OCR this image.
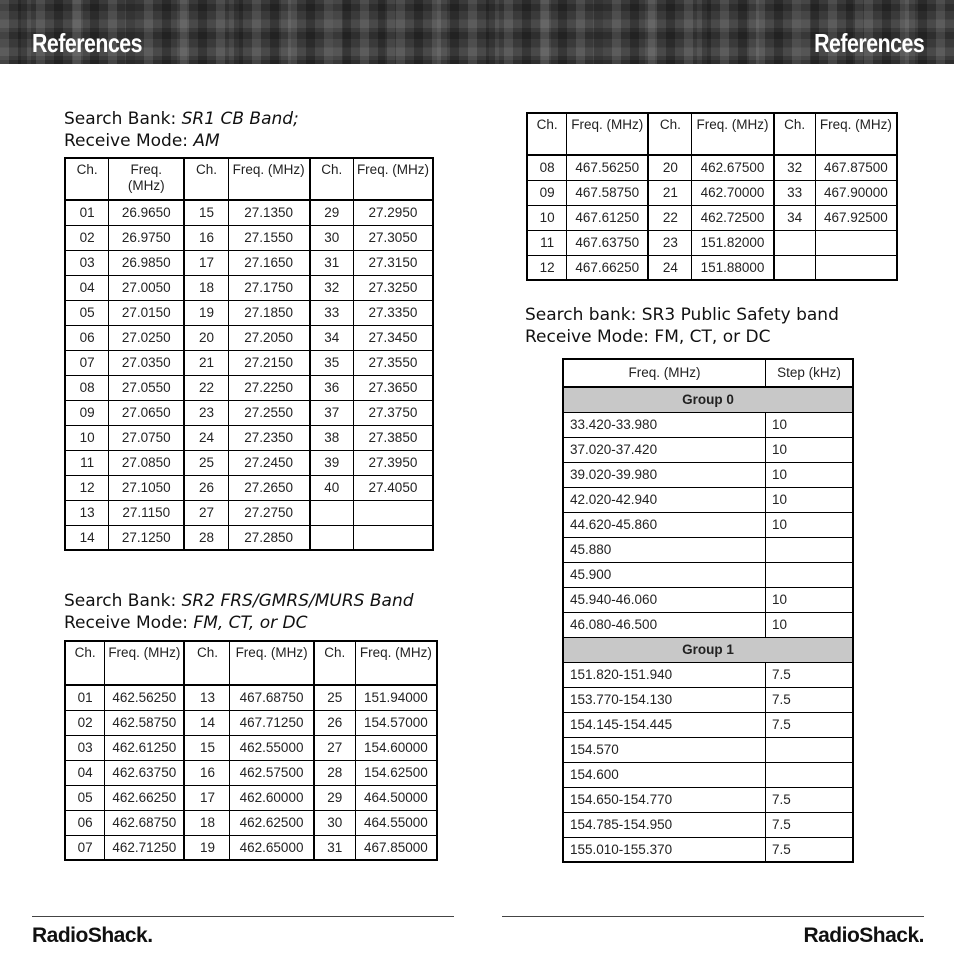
References	References
Search Bank: SR1 CB Band;
Receive Mode: AM
Ch.	Freq. (MHz)	Ch.	Freq. (MHz)	Ch.	Freq. (MHz)
01	26.9650	15	27.1350	29	27.2950
02	26.9750	16	27.1550	30	27.3050
03	26.9850	17	27.1650	31	27.3150
04	27.0050	18	27.1750	32	27.3250
05	27.0150	19	27.1850	33	27.3350
06	27.0250	20	27.2050	34	27.3450
07	27.0350	21	27.2150	35	27.3550
08	27.0550	22	27.2250	36	27.3650
09	27.0650	23	27.2550	37	27.3750
10	27.0750	24	27.2350	38	27.3850
11	27.0850	25	27.2450	39	27.3950
12	27.1050	26	27.2650	40	27.4050
13	27.1150	27	27.2750		
14	27.1250	28	27.2850		
Search Bank: SR2 FRS/GMRS/MURS Band
Receive Mode: FM, CT, or DC
Ch.	Freq. (MHz)	Ch.	Freq. (MHz)	Ch.	Freq. (MHz)
01	462.56250	13	467.68750	25	151.94000
02	462.58750	14	467.71250	26	154.57000
03	462.61250	15	462.55000	27	154.60000
04	462.63750	16	462.57500	28	154.62500
05	462.66250	17	462.60000	29	464.50000
06	462.68750	18	462.62500	30	464.55000
07	462.71250	19	462.65000	31	467.85000
Ch.	Freq. (MHz)	Ch.	Freq. (MHz)	Ch.	Freq. (MHz)
08	467.56250	20	462.67500	32	467.87500
09	467.58750	21	462.70000	33	467.90000
10	467.61250	22	462.72500	34	467.92500
11	467.63750	23	151.82000		
12	467.66250	24	151.88000		
Search bank: SR3 Public Safety band
Receive Mode: FM, CT, or DC
Freq. (MHz)	Step (kHz)
Group 0	
33.420-33.980	10
37.020-37.420	10
39.020-39.980	10
42.020-42.940	10
44.620-45.860	10
45.880	
45.900	
45.940-46.060	10
46.080-46.500	10
Group 1	
151.820-151.940	7.5
153.770-154.130	7.5
154.145-154.445	7.5
154.570	
154.600	
154.650-154.770	7.5
154.785-154.950	7.5
155.010-155.370	7.5
RadioShack.	RadioShack.
